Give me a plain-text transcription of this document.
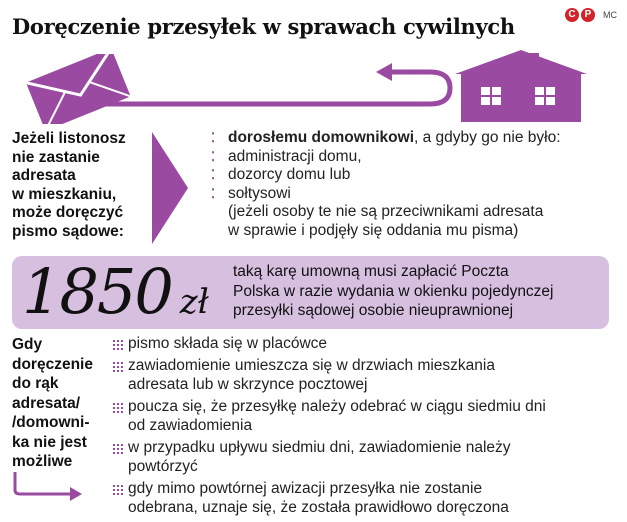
Doręczenie przesyłek w sprawach cywilnych	C P	MC
Jeżeli listonosz
nie zastanie
adresata
w mieszkaniu,
może doręczyć
pismo sądowe:
⁚ dorosłemu domownikowi, a gdyby go nie było:
⁚ administracji domu,
⁚ dozorcy domu lub
⁚ sołtysowi
(jeżeli osoby te nie są przeciwnikami adresata
w sprawie i podjęły się oddania mu pisma)
1850 zł
taką karę umowną musi zapłacić Poczta
Polska w razie wydania w okienku pojedynczej
przesyłki sądowej osobie nieuprawnionej
Gdy
doręczenie
do rąk
adresata/
/domowni-
ka nie jest
możliwe
pismo składa się w placówce
zawiadomienie umieszcza się w drzwiach mieszkania
adresata lub w skrzynce pocztowej
poucza się, że przesyłkę należy odebrać w ciągu siedmiu dni
od zawiadomienia
w przypadku upływu siedmiu dni, zawiadomienie należy
powtórzyć
gdy mimo powtórnej awizacji przesyłka nie zostanie
odebrana, uznaje się, że została prawidłowo doręczona
